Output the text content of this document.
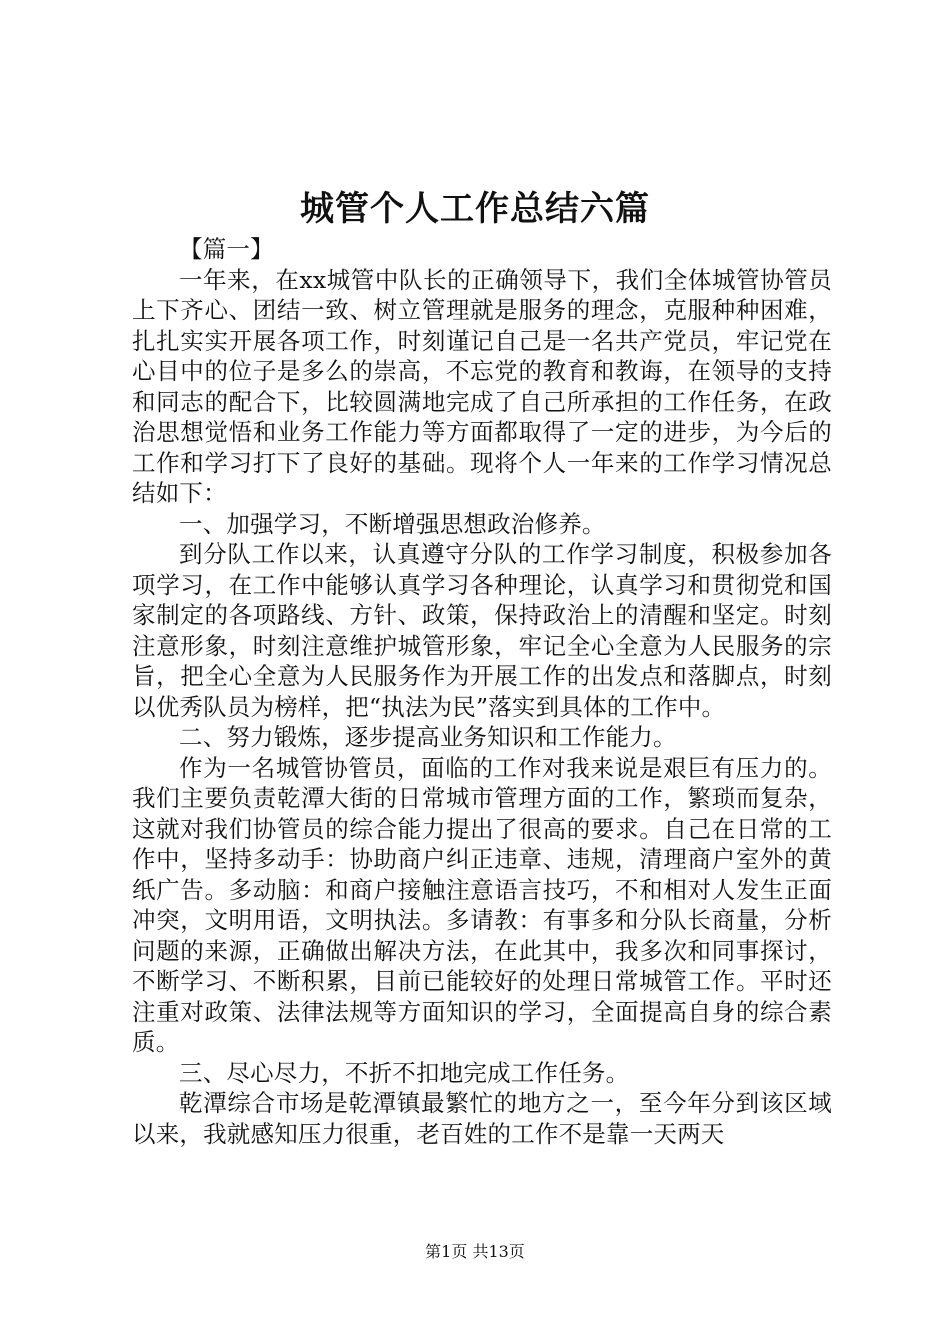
城管个人工作总结六篇

【篇一】

一年来，在xx城管中队长的正确领导下，我们全体城管协管员上下齐心、团结一致、树立管理就是服务的理念，克服种种困难，扎扎实实开展各项工作，时刻谨记自己是一名共产党员，牢记党在心目中的位子是多么的崇高，不忘党的教育和教诲，在领导的支持和同志的配合下，比较圆满地完成了自己所承担的工作任务，在政治思想觉悟和业务工作能力等方面都取得了一定的进步，为今后的工作和学习打下了良好的基础。现将个人一年来的工作学习情况总结如下：

一、加强学习，不断增强思想政治修养。

到分队工作以来，认真遵守分队的工作学习制度，积极参加各项学习，在工作中能够认真学习各种理论，认真学习和贯彻党和国家制定的各项路线、方针、政策，保持政治上的清醒和坚定。时刻注意形象，时刻注意维护城管形象，牢记全心全意为人民服务的宗旨，把全心全意为人民服务作为开展工作的出发点和落脚点，时刻以优秀队员为榜样，把“执法为民”落实到具体的工作中。

二、努力锻炼，逐步提高业务知识和工作能力。

作为一名城管协管员，面临的工作对我来说是艰巨有压力的。我们主要负责乾潭大街的日常城市管理方面的工作，繁琐而复杂，这就对我们协管员的综合能力提出了很高的要求。自己在日常的工作中，坚持多动手：协助商户纠正违章、违规，清理商户室外的黄纸广告。多动脑：和商户接触注意语言技巧，不和相对人发生正面冲突，文明用语，文明执法。多请教：有事多和分队长商量，分析问题的来源，正确做出解决方法，在此其中，我多次和同事探讨，不断学习、不断积累，目前已能较好的处理日常城管工作。平时还注重对政策、法律法规等方面知识的学习，全面提高自身的综合素质。

三、尽心尽力，不折不扣地完成工作任务。

乾潭综合市场是乾潭镇最繁忙的地方之一，至今年分到该区域以来，我就感知压力很重，老百姓的工作不是靠一天两天

第1页 共13页
